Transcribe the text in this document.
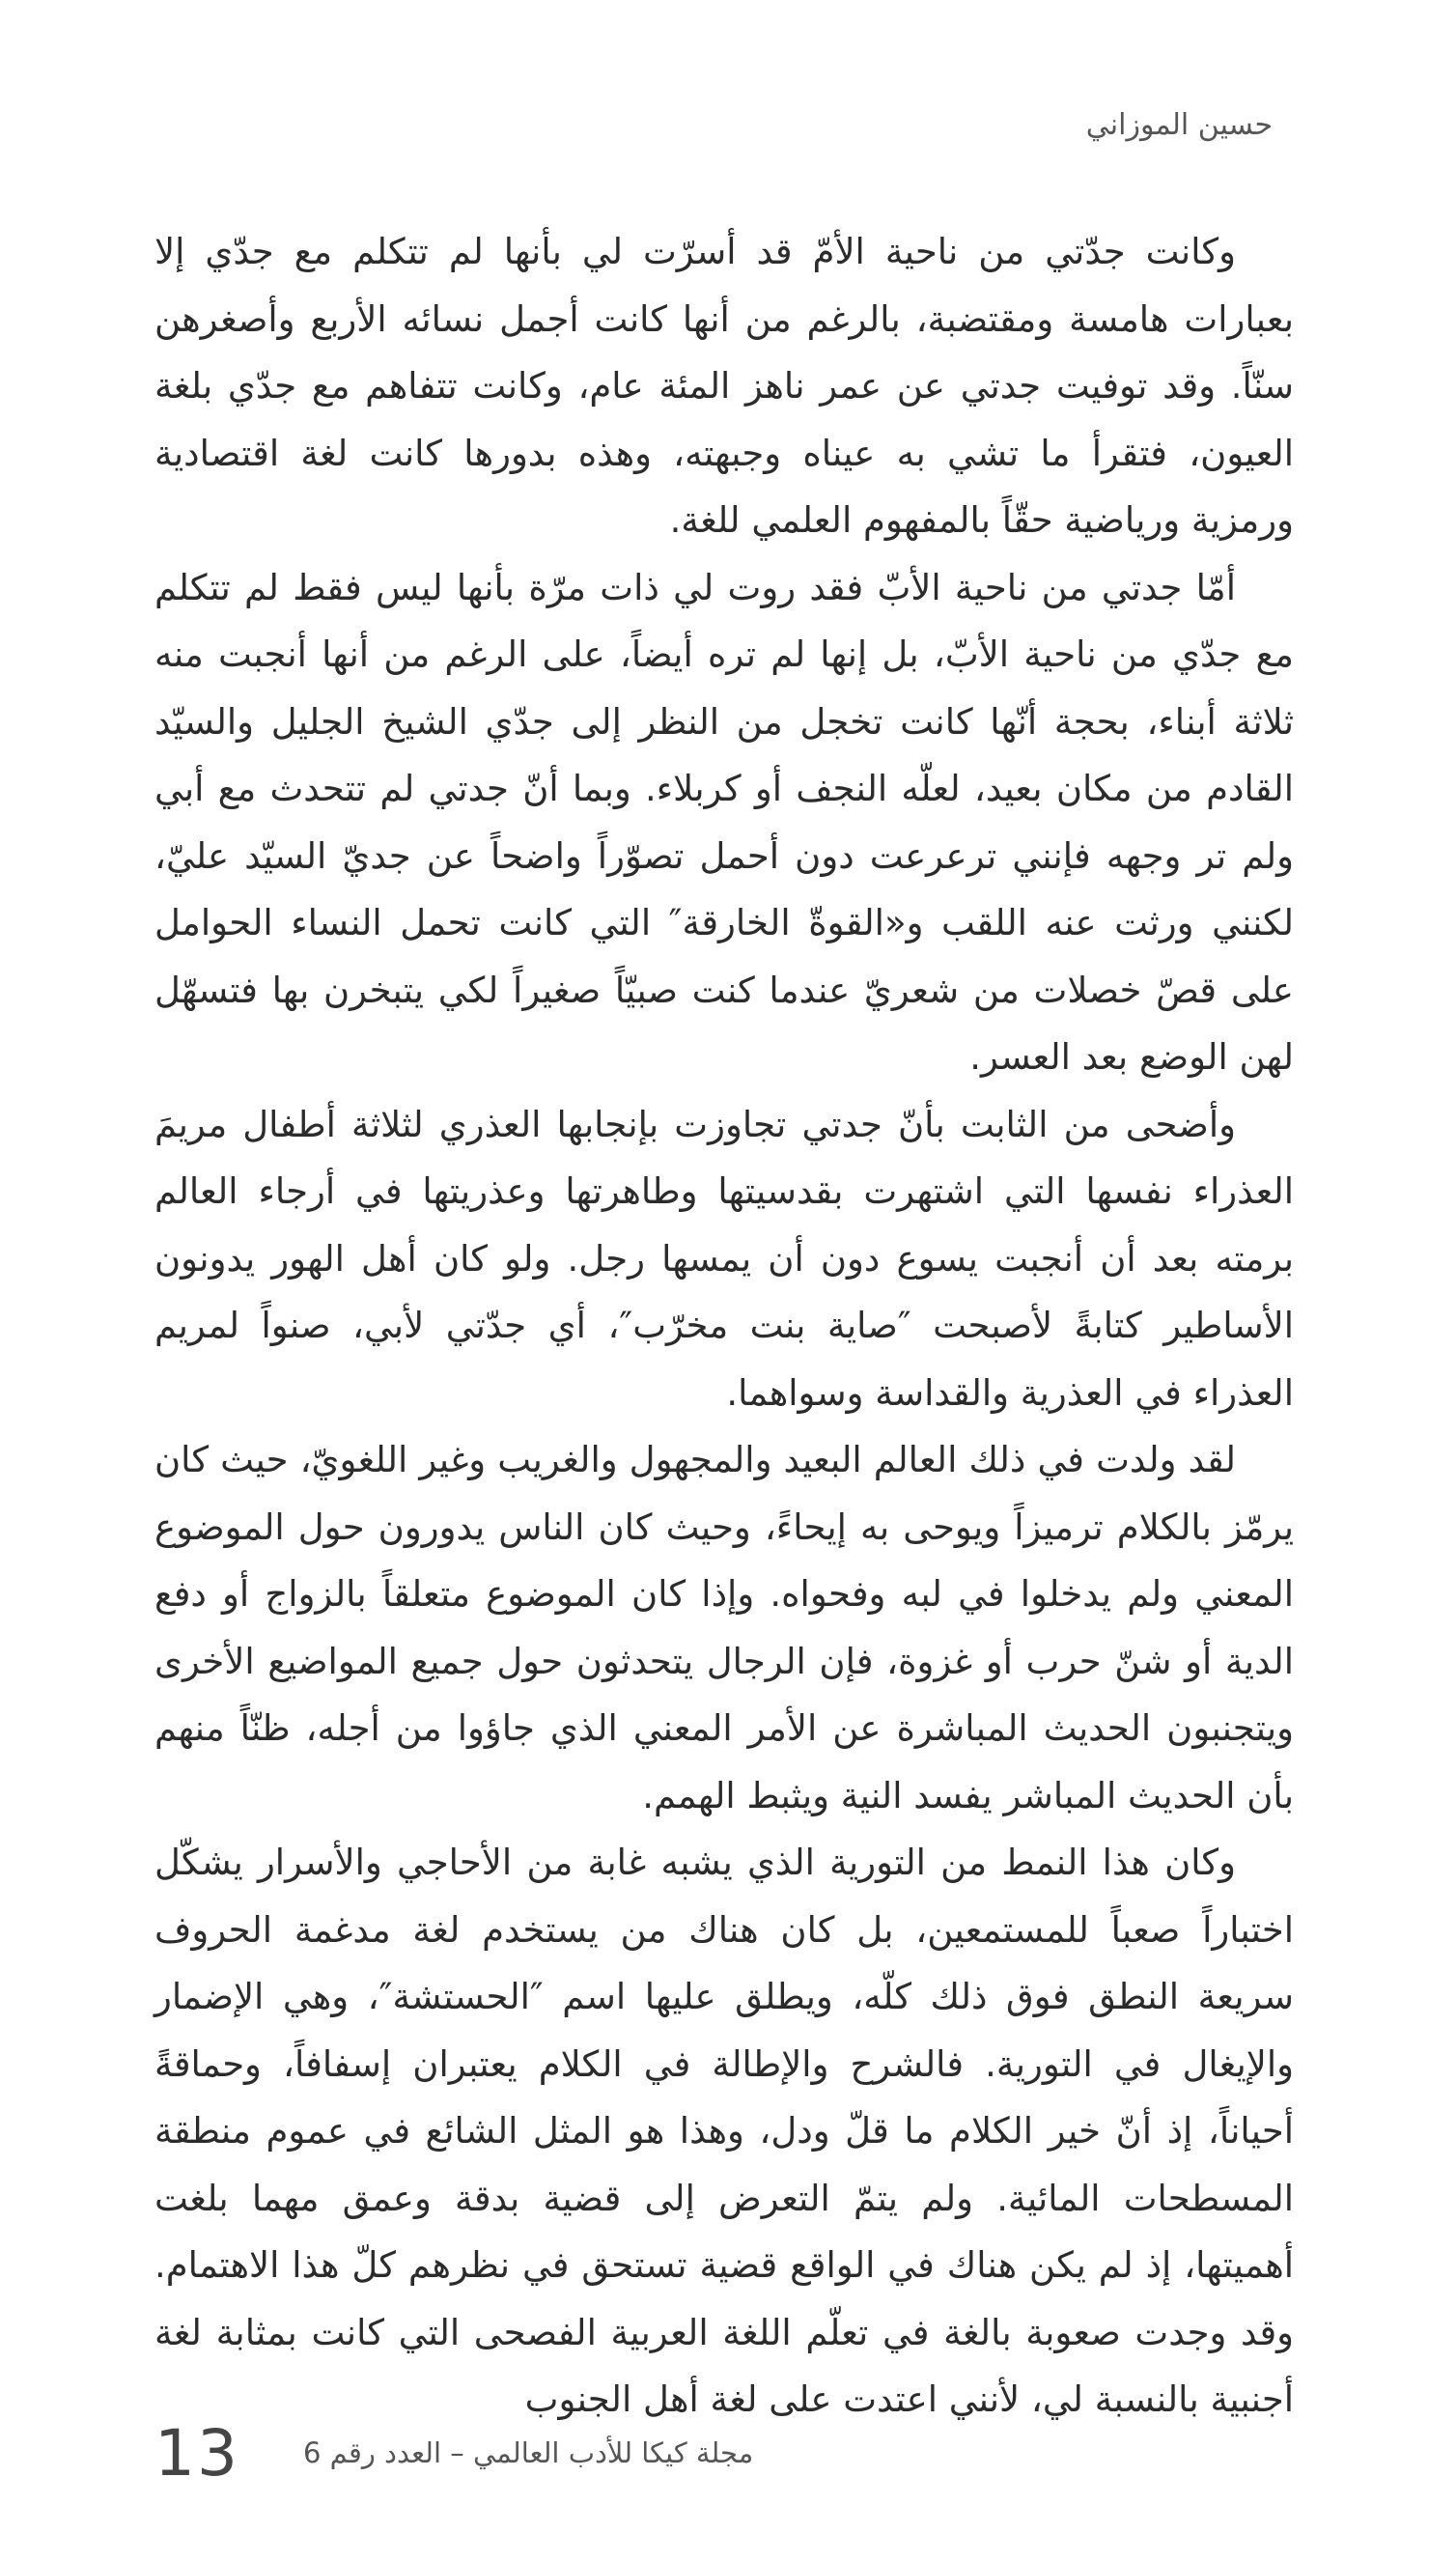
حسين الموزاني

وكانت جدّتي من ناحية الأمّ قد أسرّت لي بأنها لم تتكلم مع جدّي إلا بعبارات هامسة ومقتضبة، بالرغم من أنها كانت أجمل نسائه الأربع وأصغرهن سنّاً. وقد توفيت جدتي عن عمر ناهز المئة عام، وكانت تتفاهم مع جدّي بلغة العيون، فتقرأ ما تشي به عيناه وجبهته، وهذه بدورها كانت لغة اقتصادية ورمزية ورياضية حقّاً بالمفهوم العلمي للغة.

أمّا جدتي من ناحية الأبّ فقد روت لي ذات مرّة بأنها ليس فقط لم تتكلم مع جدّي من ناحية الأبّ، بل إنها لم تره أيضاً، على الرغم من أنها أنجبت منه ثلاثة أبناء، بحجة أنّها كانت تخجل من النظر إلى جدّي الشيخ الجليل والسيّد القادم من مكان بعيد، لعلّه النجف أو كربلاء. وبما أنّ جدتي لم تتحدث مع أبي ولم تر وجهه فإنني ترعرعت دون أحمل تصوّراً واضحاً عن جديّ السيّد عليّ، لكنني ورثت عنه اللقب و«القوةّ الخارقة″ التي كانت تحمل النساء الحوامل على قصّ خصلات من شعريّ عندما كنت صبيّاً صغيراً لكي يتبخرن بها فتسهّل لهن الوضع بعد العسر.

وأضحى من الثابت بأنّ جدتي تجاوزت بإنجابها العذري لثلاثة أطفال مريمَ العذراء نفسها التي اشتهرت بقدسيتها وطاهرتها وعذريتها في أرجاء العالم برمته بعد أن أنجبت يسوع دون أن يمسها رجل. ولو كان أهل الهور يدونون الأساطير كتابةً لأصبحت ″صاية بنت مخرّب″، أي جدّتي لأبي، صنواً لمريم العذراء في العذرية والقداسة وسواهما.

لقد ولدت في ذلك العالم البعيد والمجهول والغريب وغير اللغويّ، حيث كان يرمّز بالكلام ترميزاً ويوحى به إيحاءً، وحيث كان الناس يدورون حول الموضوع المعني ولم يدخلوا في لبه وفحواه. وإذا كان الموضوع متعلقاً بالزواج أو دفع الدية أو شنّ حرب أو غزوة، فإن الرجال يتحدثون حول جميع المواضيع الأخرى ويتجنبون الحديث المباشرة عن الأمر المعني الذي جاؤوا من أجله، ظنّاً منهم بأن الحديث المباشر يفسد النية ويثبط الهمم.

وكان هذا النمط من التورية الذي يشبه غابة من الأحاجي والأسرار يشكّل اختباراً صعباً للمستمعين، بل كان هناك من يستخدم لغة مدغمة الحروف سريعة النطق فوق ذلك كلّه، ويطلق عليها اسم ″الحستشة″، وهي الإضمار والإيغال في التورية. فالشرح والإطالة في الكلام يعتبران إسفافاً، وحماقةً أحياناً، إذ أنّ خير الكلام ما قلّ ودل، وهذا هو المثل الشائع في عموم منطقة المسطحات المائية. ولم يتمّ التعرض إلى قضية بدقة وعمق مهما بلغت أهميتها، إذ لم يكن هناك في الواقع قضية تستحق في نظرهم كلّ هذا الاهتمام. وقد وجدت صعوبة بالغة في تعلّم اللغة العربية الفصحى التي كانت بمثابة لغة أجنبية بالنسبة لي، لأنني اعتدت على لغة أهل الجنوب

13 مجلة كيكا للأدب العالمي – العدد رقم 6
